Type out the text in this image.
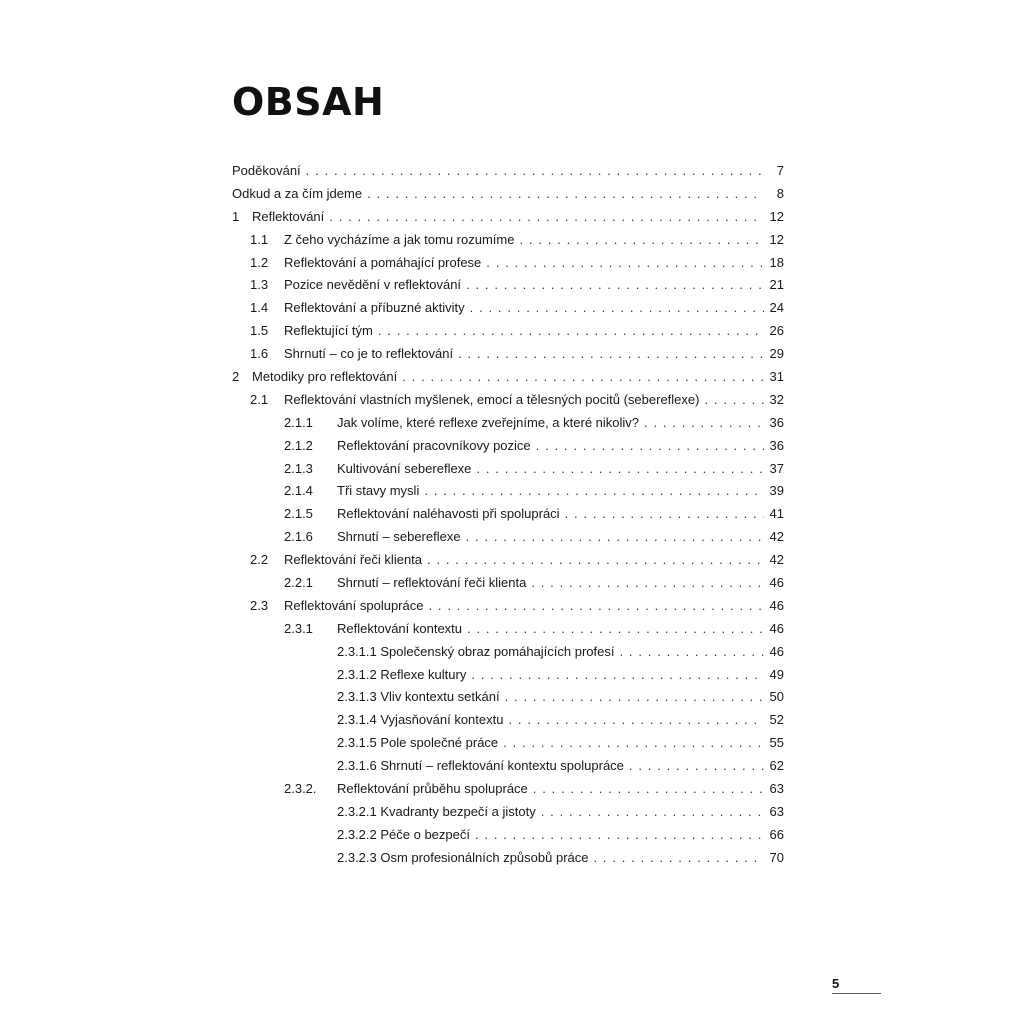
OBSAH
Poděkování . . .	7
Odkud a za čím jdeme . . .	8
1 Reflektování . . .	12
1.1	Z čeho vycházíme a jak tomu rozumíme . . .	12
1.2	Reflektování a pomáhající profese . . .	18
1.3	Pozice nevědění v reflektování . . .	21
1.4	Reflektování a příbuzné aktivity . . .	24
1.5	Reflektující tým . . .	26
1.6	Shrnutí – co je to reflektování . . .	29
2 Metodiky pro reflektování . . .	31
2.1	Reflektování vlastních myšlenek, emocí a tělesných pocitů (sebereflexe) . . .	32
2.1.1	Jak volíme, které reflexe zveřejníme, a které nikoliv? . . .	36
2.1.2	Reflektování pracovníkovy pozice . . .	36
2.1.3	Kultivování sebereflexe . . .	37
2.1.4	Tři stavy mysli . . .	39
2.1.5	Reflektování naléhavosti při spolupráci . . .	41
2.1.6	Shrnutí – sebereflexe . . .	42
2.2	Reflektování řeči klienta . . .	42
2.2.1	Shrnutí – reflektování řeči klienta . . .	46
2.3	Reflektování spolupráce . . .	46
2.3.1	Reflektování kontextu . . .	46
2.3.1.1 Společenský obraz pomáhajících profesí . . .	46
2.3.1.2 Reflexe kultury . . .	49
2.3.1.3 Vliv kontextu setkání . . .	50
2.3.1.4 Vyjasňování kontextu . . .	52
2.3.1.5 Pole společné práce . . .	55
2.3.1.6 Shrnutí – reflektování kontextu spolupráce . . .	62
2.3.2.	Reflektování průběhu spolupráce . . .	63
2.3.2.1 Kvadranty bezpečí a jistoty . . .	63
2.3.2.2 Péče o bezpečí . . .	66
2.3.2.3 Osm profesionálních způsobů práce . . .	70
5
